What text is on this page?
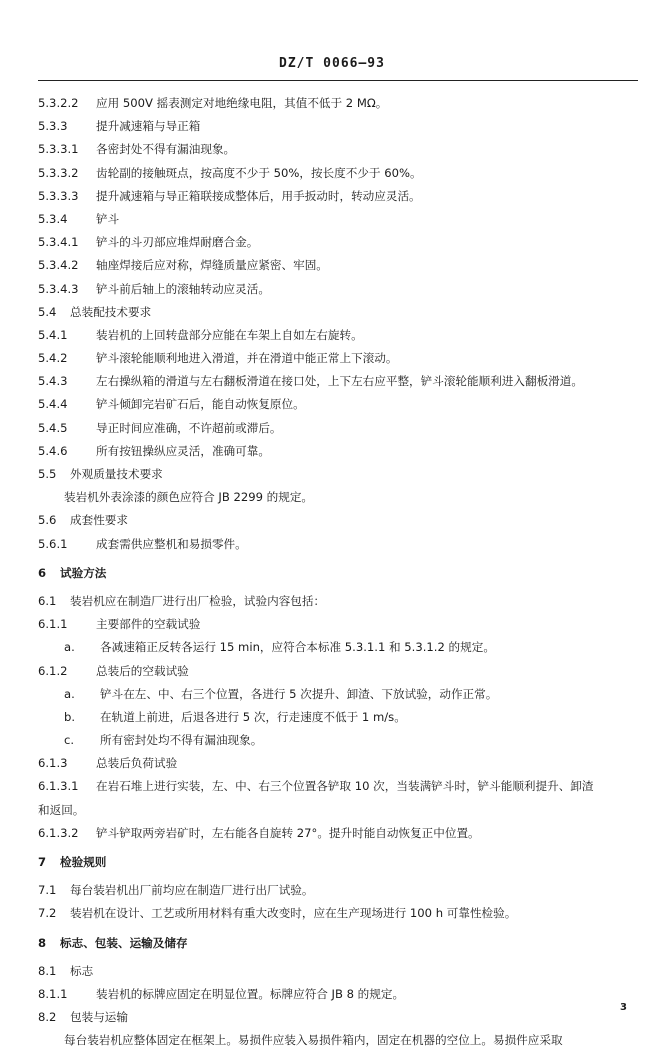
DZ/T 0066—93
5.3.2.2 应用 500V 摇表测定对地绝缘电阻，其值不低于 2 MΩ。
5.3.3 提升减速箱与导正箱
5.3.3.1 各密封处不得有漏油现象。
5.3.3.2 齿轮副的接触斑点，按高度不少于 50%，按长度不少于 60%。
5.3.3.3 提升减速箱与导正箱联接成整体后，用手扳动时，转动应灵活。
5.3.4 铲斗
5.3.4.1 铲斗的斗刃部应堆焊耐磨合金。
5.3.4.2 轴座焊接后应对称，焊缝质量应紧密、牢固。
5.3.4.3 铲斗前后轴上的滚轴转动应灵活。
5.4 总装配技术要求
5.4.1 装岩机的上回转盘部分应能在车架上自如左右旋转。
5.4.2 铲斗滚轮能顺利地进入滑道，并在滑道中能正常上下滚动。
5.4.3 左右操纵箱的滑道与左右翻板滑道在接口处，上下左右应平整，铲斗滚轮能顺利进入翻板滑道。
5.4.4 铲斗倾卸完岩矿石后，能自动恢复原位。
5.4.5 导正时间应准确，不许超前或滞后。
5.4.6 所有按钮操纵应灵活，准确可靠。
5.5 外观质量技术要求
装岩机外表涂漆的颜色应符合 JB 2299 的规定。
5.6 成套性要求
5.6.1 成套需供应整机和易损零件。
6 试验方法
6.1 装岩机应在制造厂进行出厂检验，试验内容包括：
6.1.1 主要部件的空载试验
a. 各减速箱正反转各运行 15 min，应符合本标准 5.3.1.1 和 5.3.1.2 的规定。
6.1.2 总装后的空载试验
a. 铲斗在左、中、右三个位置，各进行 5 次提升、卸渣、下放试验，动作正常。
b. 在轨道上前进，后退各进行 5 次，行走速度不低于 1 m/s。
c. 所有密封处均不得有漏油现象。
6.1.3 总装后负荷试验
6.1.3.1 在岩石堆上进行实装，左、中、右三个位置各铲取 10 次，当装满铲斗时，铲斗能顺利提升、卸渣
和返回。
6.1.3.2 铲斗铲取两旁岩矿时，左右能各自旋转 27°。提升时能自动恢复正中位置。
7 检验规则
7.1 每台装岩机出厂前均应在制造厂进行出厂试验。
7.2 装岩机在设计、工艺或所用材料有重大改变时，应在生产现场进行 100 h 可靠性检验。
8 标志、包装、运输及储存
8.1 标志
8.1.1 装岩机的标牌应固定在明显位置。标牌应符合 JB 8 的规定。
8.2 包装与运输
每台装岩机应整体固定在框架上。易损件应装入易损件箱内，固定在机器的空位上。易损件应采取
3
